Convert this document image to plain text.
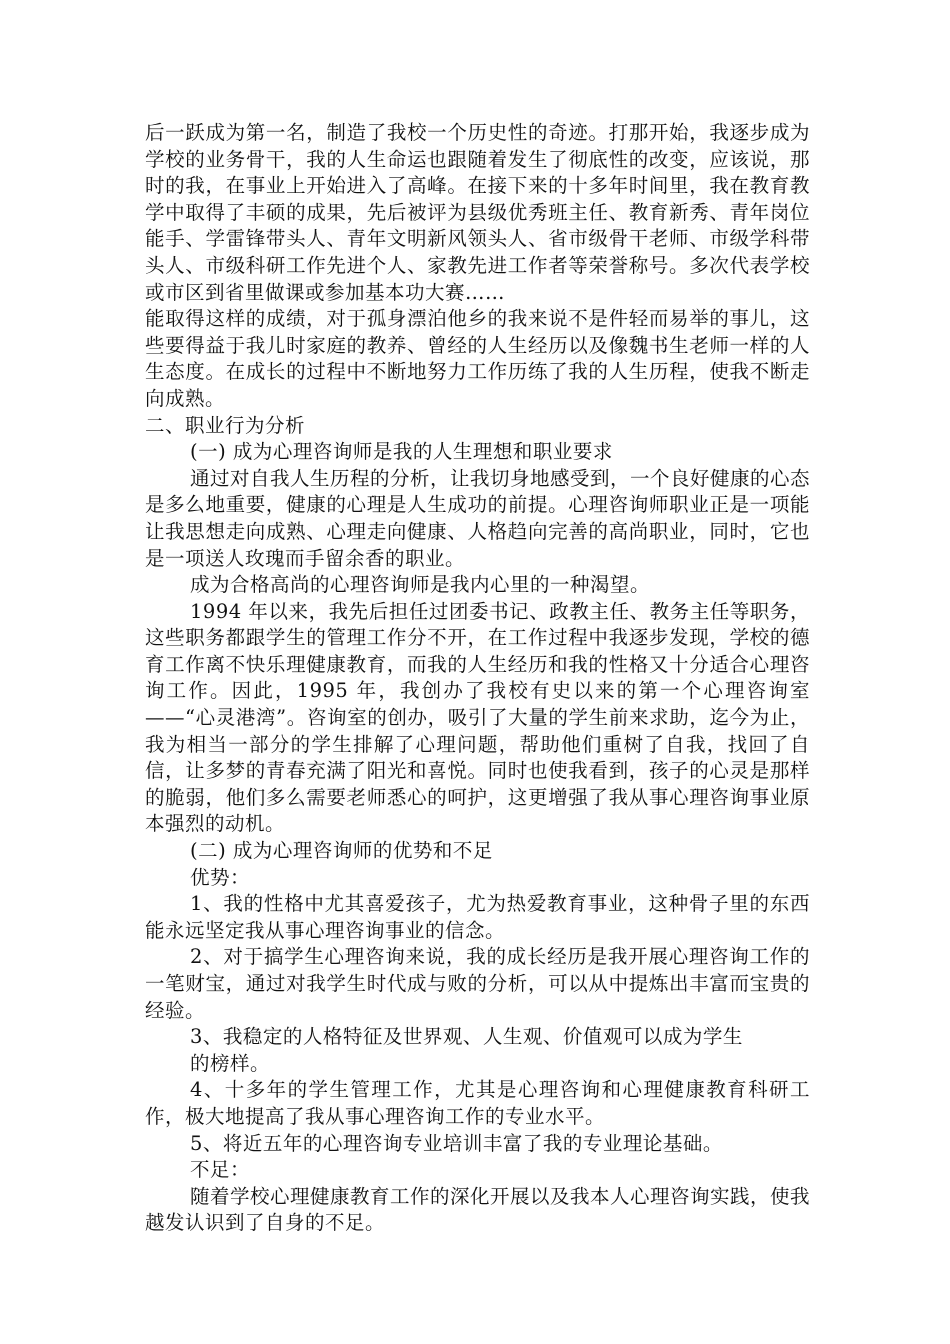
后一跃成为第一名，制造了我校一个历史性的奇迹。打那开始，我逐步成为学校的业务骨干，我的人生命运也跟随着发生了彻底性的改变，应该说，那时的我，在事业上开始进入了高峰。在接下来的十多年时间里，我在教育教学中取得了丰硕的成果，先后被评为县级优秀班主任、教育新秀、青年岗位能手、学雷锋带头人、青年文明新风领头人、省市级骨干老师、市级学科带头人、市级科研工作先进个人、家教先进工作者等荣誉称号。多次代表学校或市区到省里做课或参加基本功大赛……

能取得这样的成绩，对于孤身漂泊他乡的我来说不是件轻而易举的事儿，这些要得益于我儿时家庭的教养、曾经的人生经历以及像魏书生老师一样的人生态度。在成长的过程中不断地努力工作历练了我的人生历程，使我不断走向成熟。

二、职业行为分析

(一) 成为心理咨询师是我的人生理想和职业要求

通过对自我人生历程的分析，让我切身地感受到，一个良好健康的心态是多么地重要，健康的心理是人生成功的前提。心理咨询师职业正是一项能让我思想走向成熟、心理走向健康、人格趋向完善的高尚职业，同时，它也是一项送人玫瑰而手留余香的职业。

成为合格高尚的心理咨询师是我内心里的一种渴望。

1994 年以来，我先后担任过团委书记、政教主任、教务主任等职务，这些职务都跟学生的管理工作分不开，在工作过程中我逐步发现，学校的德育工作离不快乐理健康教育，而我的人生经历和我的性格又十分适合心理咨询工作。因此，1995 年，我创办了我校有史以来的第一个心理咨询室——“心灵港湾”。咨询室的创办，吸引了大量的学生前来求助，迄今为止，我为相当一部分的学生排解了心理问题，帮助他们重树了自我，找回了自信，让多梦的青春充满了阳光和喜悦。同时也使我看到，孩子的心灵是那样的脆弱，他们多么需要老师悉心的呵护，这更增强了我从事心理咨询事业原本强烈的动机。

(二) 成为心理咨询师的优势和不足

优势：

1、我的性格中尤其喜爱孩子，尤为热爱教育事业，这种骨子里的东西能永远坚定我从事心理咨询事业的信念。

2、对于搞学生心理咨询来说，我的成长经历是我开展心理咨询工作的一笔财宝，通过对我学生时代成与败的分析，可以从中提炼出丰富而宝贵的经验。

3、我稳定的人格特征及世界观、人生观、价值观可以成为学生

的榜样。

4、十多年的学生管理工作，尤其是心理咨询和心理健康教育科研工作，极大地提高了我从事心理咨询工作的专业水平。

5、将近五年的心理咨询专业培训丰富了我的专业理论基础。

不足：

随着学校心理健康教育工作的深化开展以及我本人心理咨询实践，使我越发认识到了自身的不足。
